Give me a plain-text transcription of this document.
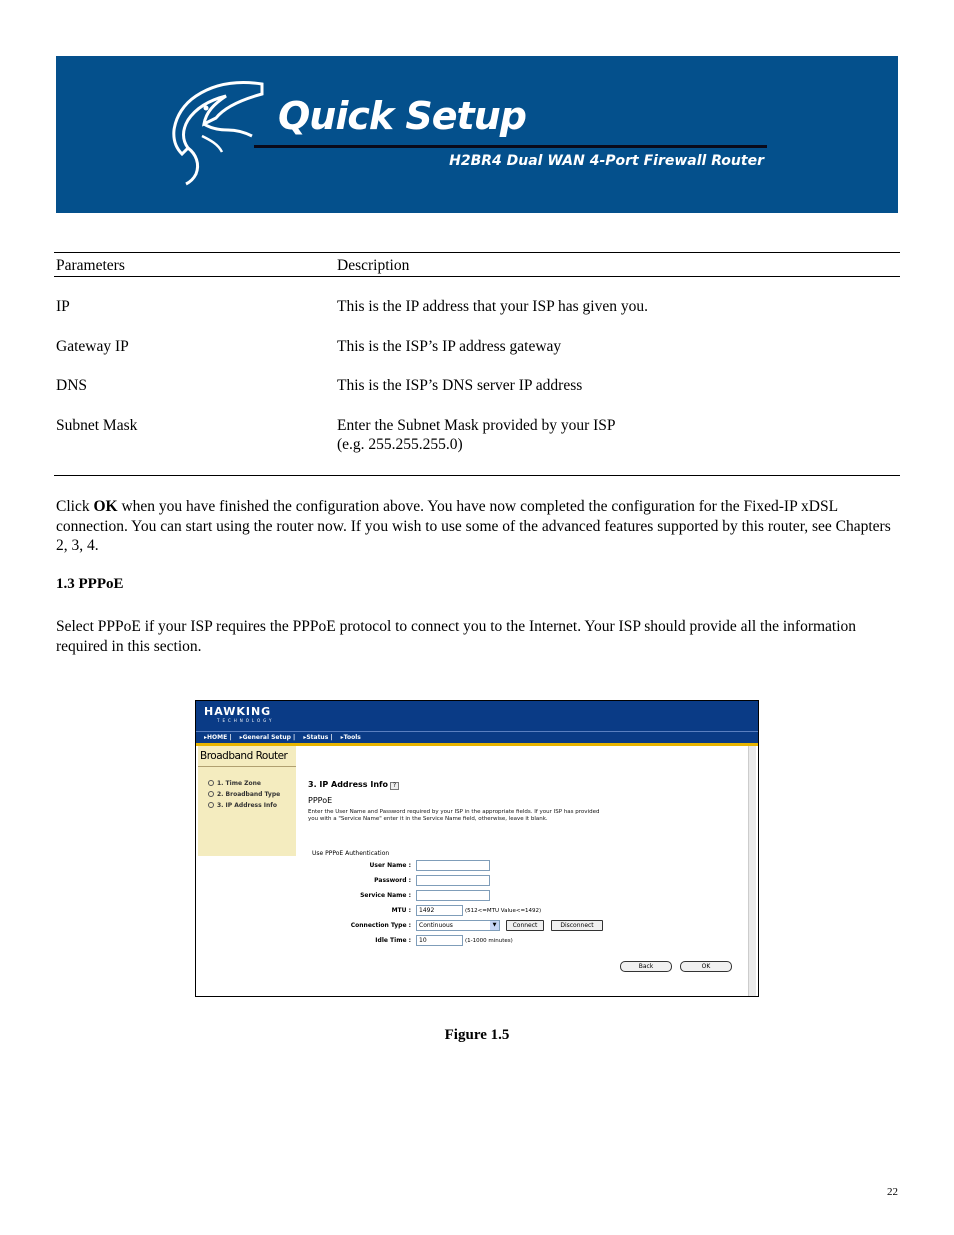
Quick Setup
H2BR4 Dual WAN 4-Port Firewall Router
Parameters	Description
IP	This is the IP address that your ISP has given you.
Gateway IP	This is the ISP’s IP address gateway
DNS	This is the ISP’s DNS server IP address
Subnet Mask	Enter the Subnet Mask provided by your ISP
(e.g. 255.255.255.0)
Click OK when you have finished the configuration above. You have now completed the configuration for the Fixed-IP xDSL connection. You can start using the router now. If you wish to use some of the advanced features supported by this router, see Chapters 2, 3, 4.
1.3 PPPoE
Select PPPoE if your ISP requires the PPPoE protocol to connect you to the Internet. Your ISP should provide all the information required in this section.
HAWKING
TECHNOLOGY
▸HOME | ▸General Setup | ▸Status | ▸Tools
Broadband Router
1. Time Zone
2. Broadband Type
3. IP Address Info
3. IP Address Info ?
PPPoE
Enter the User Name and Password required by your ISP in the appropriate fields. If your ISP has provided you with a "Service Name" enter it in the Service Name field, otherwise, leave it blank.
Use PPPoE Authentication
User Name :
Password :
Service Name :
MTU :	1492	(512<=MTU Value<=1492)
Connection Type :	Continuous	▼	Connect	Disconnect
Idle Time :	10	(1-1000 minutes)
Back	OK
Figure 1.5
22
